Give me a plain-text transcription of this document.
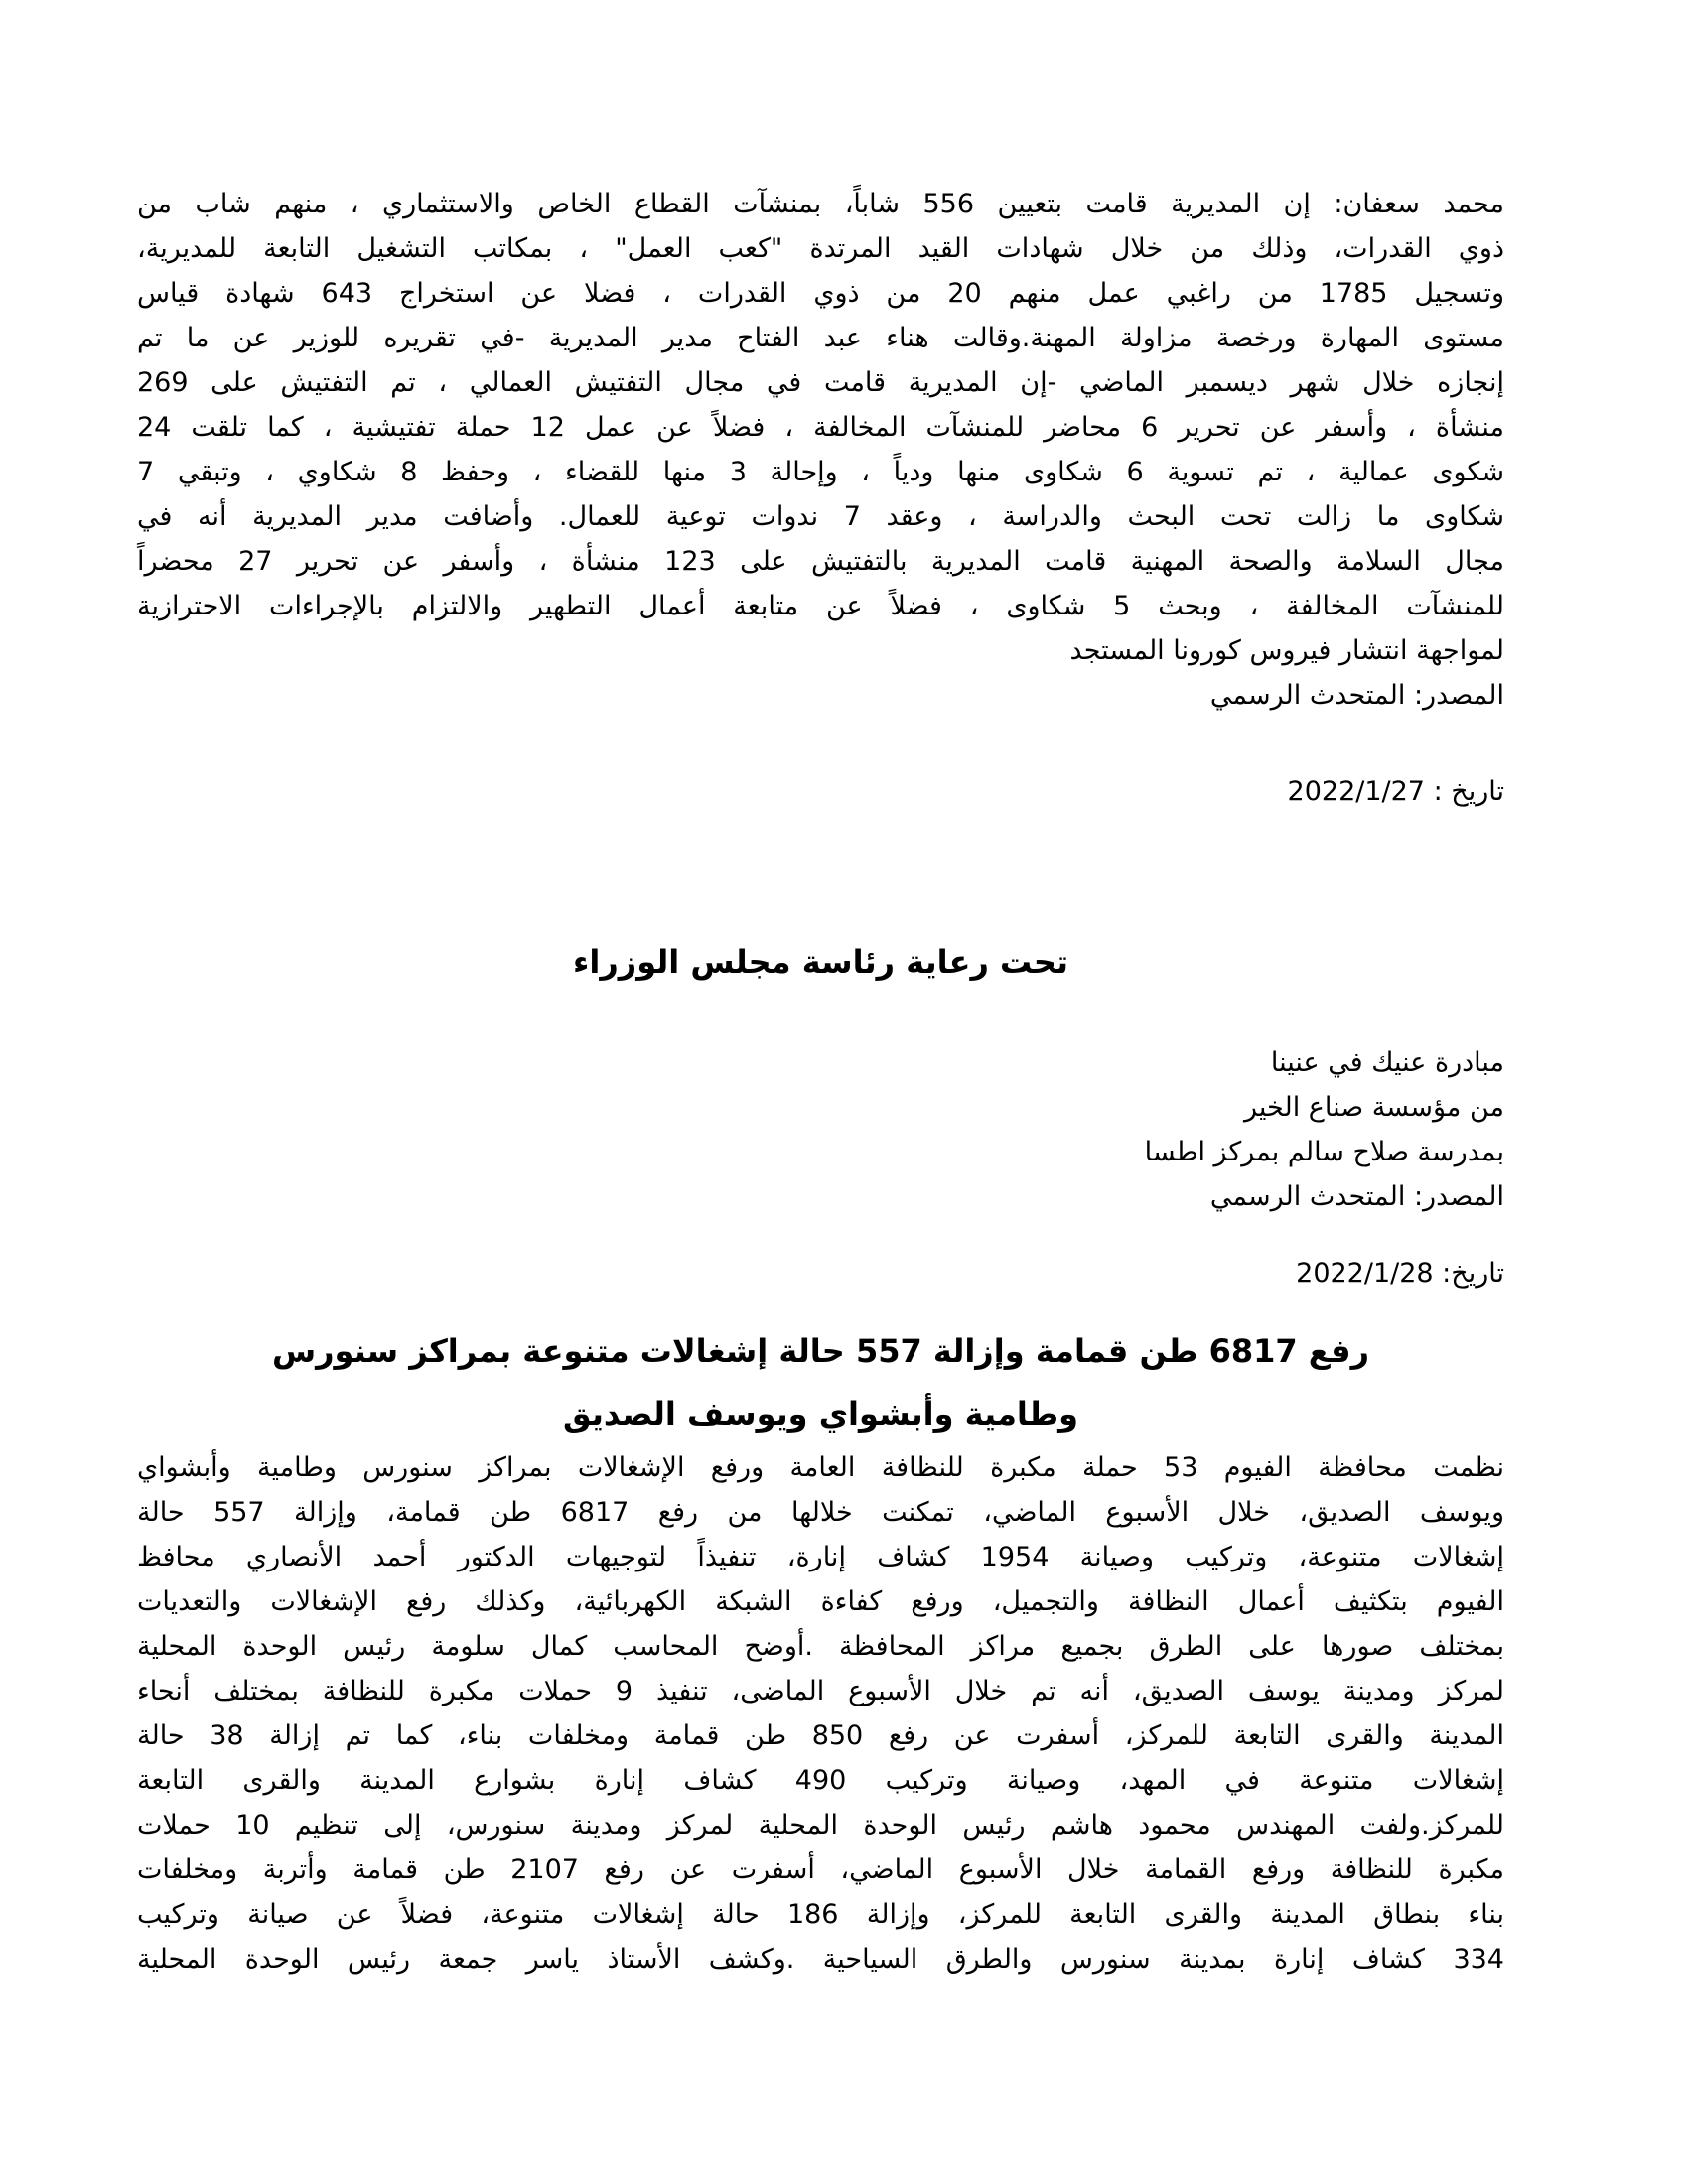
محمد سعفان: إن المديرية قامت بتعيين 556 شاباً، بمنشآت القطاع الخاص والاستثماري ، منهم شاب من
ذوي القدرات، وذلك من خلال شهادات القيد المرتدة "كعب العمل" ، بمكاتب التشغيل التابعة للمديرية،
وتسجيل 1785 من راغبي عمل منهم 20 من ذوي القدرات ، فضلا عن استخراج 643 شهادة قياس
مستوى المهارة ورخصة مزاولة المهنة.وقالت هناء عبد الفتاح مدير المديرية -في تقريره للوزير عن ما تم
إنجازه خلال شهر ديسمبر الماضي -إن المديرية قامت في مجال التفتيش العمالي ، تم التفتيش على 269
منشأة ، وأسفر عن تحرير 6 محاضر للمنشآت المخالفة ، فضلاً عن عمل 12 حملة تفتيشية ، كما تلقت 24
شكوى عمالية ، تم تسوية 6 شكاوى منها ودياً ، وإحالة 3 منها للقضاء ، وحفظ 8 شكاوي ، وتبقي 7
شكاوى ما زالت تحت البحث والدراسة ، وعقد 7 ندوات توعية للعمال. وأضافت مدير المديرية أنه في
مجال السلامة والصحة المهنية قامت المديرية بالتفتيش على 123 منشأة ، وأسفر عن تحرير 27 محضراً
للمنشآت المخالفة ، وبحث 5 شكاوى ، فضلاً عن متابعة أعمال التطهير والالتزام بالإجراءات الاحترازية
لمواجهة انتشار فيروس كورونا المستجد
المصدر: المتحدث الرسمي
تاريخ : 2022/1/27
تحت رعاية رئاسة مجلس الوزراء
مبادرة عنيك في عنينا
من مؤسسة صناع الخير
بمدرسة صلاح سالم بمركز اطسا
المصدر: المتحدث الرسمي
تاريخ: 2022/1/28
رفع 6817 طن قمامة وإزالة 557 حالة إشغالات متنوعة بمراكز سنورس
وطامية وأبشواي ويوسف الصديق
نظمت محافظة الفيوم 53 حملة مكبرة للنظافة العامة ورفع الإشغالات بمراكز سنورس وطامية وأبشواي
ويوسف الصديق، خلال الأسبوع الماضي، تمكنت خلالها من رفع 6817 طن قمامة، وإزالة 557 حالة
إشغالات متنوعة، وتركيب وصيانة 1954 كشاف إنارة، تنفيذاً لتوجيهات الدكتور أحمد الأنصاري محافظ
الفيوم بتكثيف أعمال النظافة والتجميل، ورفع كفاءة الشبكة الكهربائية، وكذلك رفع الإشغالات والتعديات
بمختلف صورها على الطرق بجميع مراكز المحافظة .أوضح المحاسب كمال سلومة رئيس الوحدة المحلية
لمركز ومدينة يوسف الصديق، أنه تم خلال الأسبوع الماضى، تنفيذ 9 حملات مكبرة للنظافة بمختلف أنحاء
المدينة والقرى التابعة للمركز، أسفرت عن رفع 850 طن قمامة ومخلفات بناء، كما تم إزالة 38 حالة
إشغالات متنوعة في المهد، وصيانة وتركيب 490 كشاف إنارة بشوارع المدينة والقرى التابعة
للمركز.ولفت المهندس محمود هاشم رئيس الوحدة المحلية لمركز ومدينة سنورس، إلى تنظيم 10 حملات
مكبرة للنظافة ورفع القمامة خلال الأسبوع الماضي، أسفرت عن رفع 2107 طن قمامة وأتربة ومخلفات
بناء بنطاق المدينة والقرى التابعة للمركز، وإزالة 186 حالة إشغالات متنوعة، فضلاً عن صيانة وتركيب
334 كشاف إنارة بمدينة سنورس والطرق السياحية .وكشف الأستاذ ياسر جمعة رئيس الوحدة المحلية
